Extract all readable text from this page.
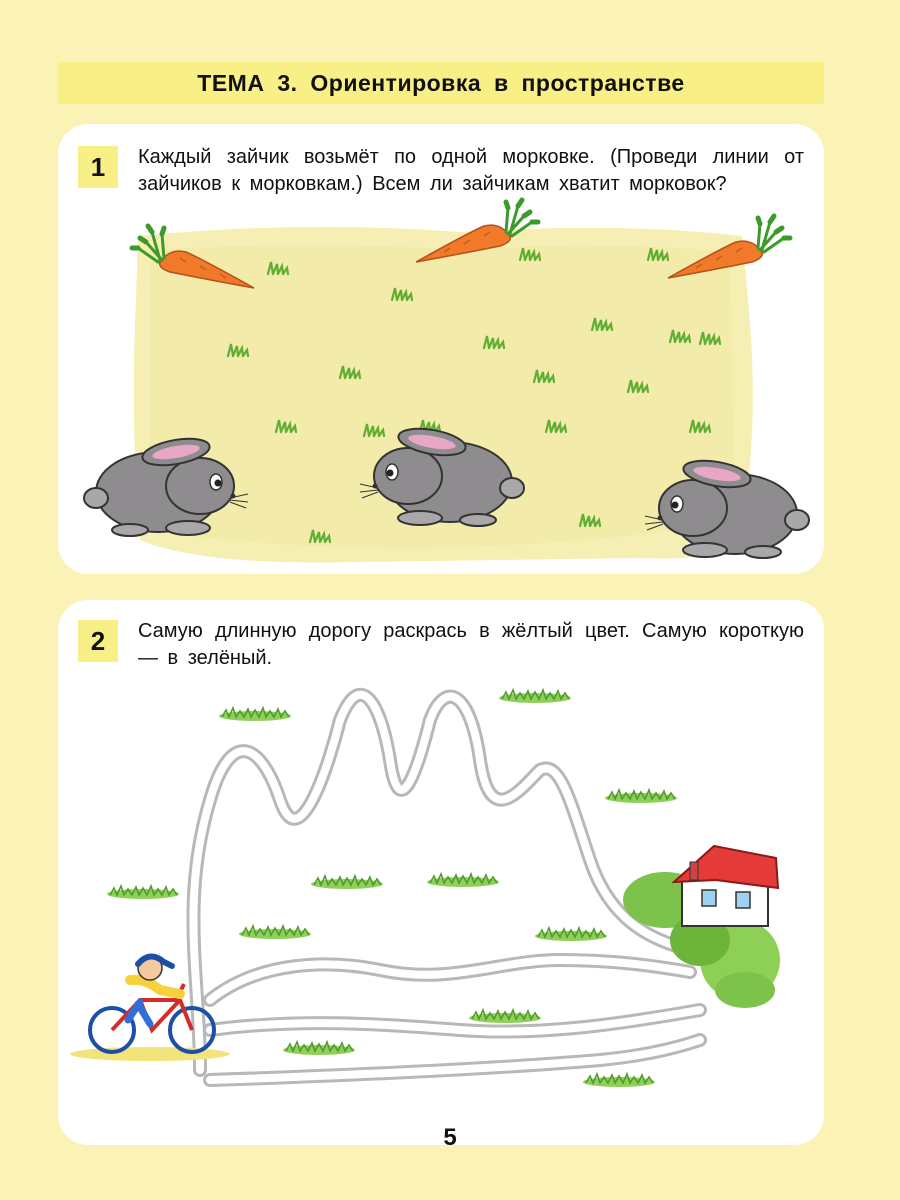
ТЕМА 3. Ориентировка в пространстве
1	Каждый зайчик возьмёт по одной морковке. (Проведи линии от зайчиков к морковкам.) Всем ли зайчикам хватит морковок?
2	Самую длинную дорогу раскрась в жёлтый цвет. Самую короткую — в зелёный.
5
